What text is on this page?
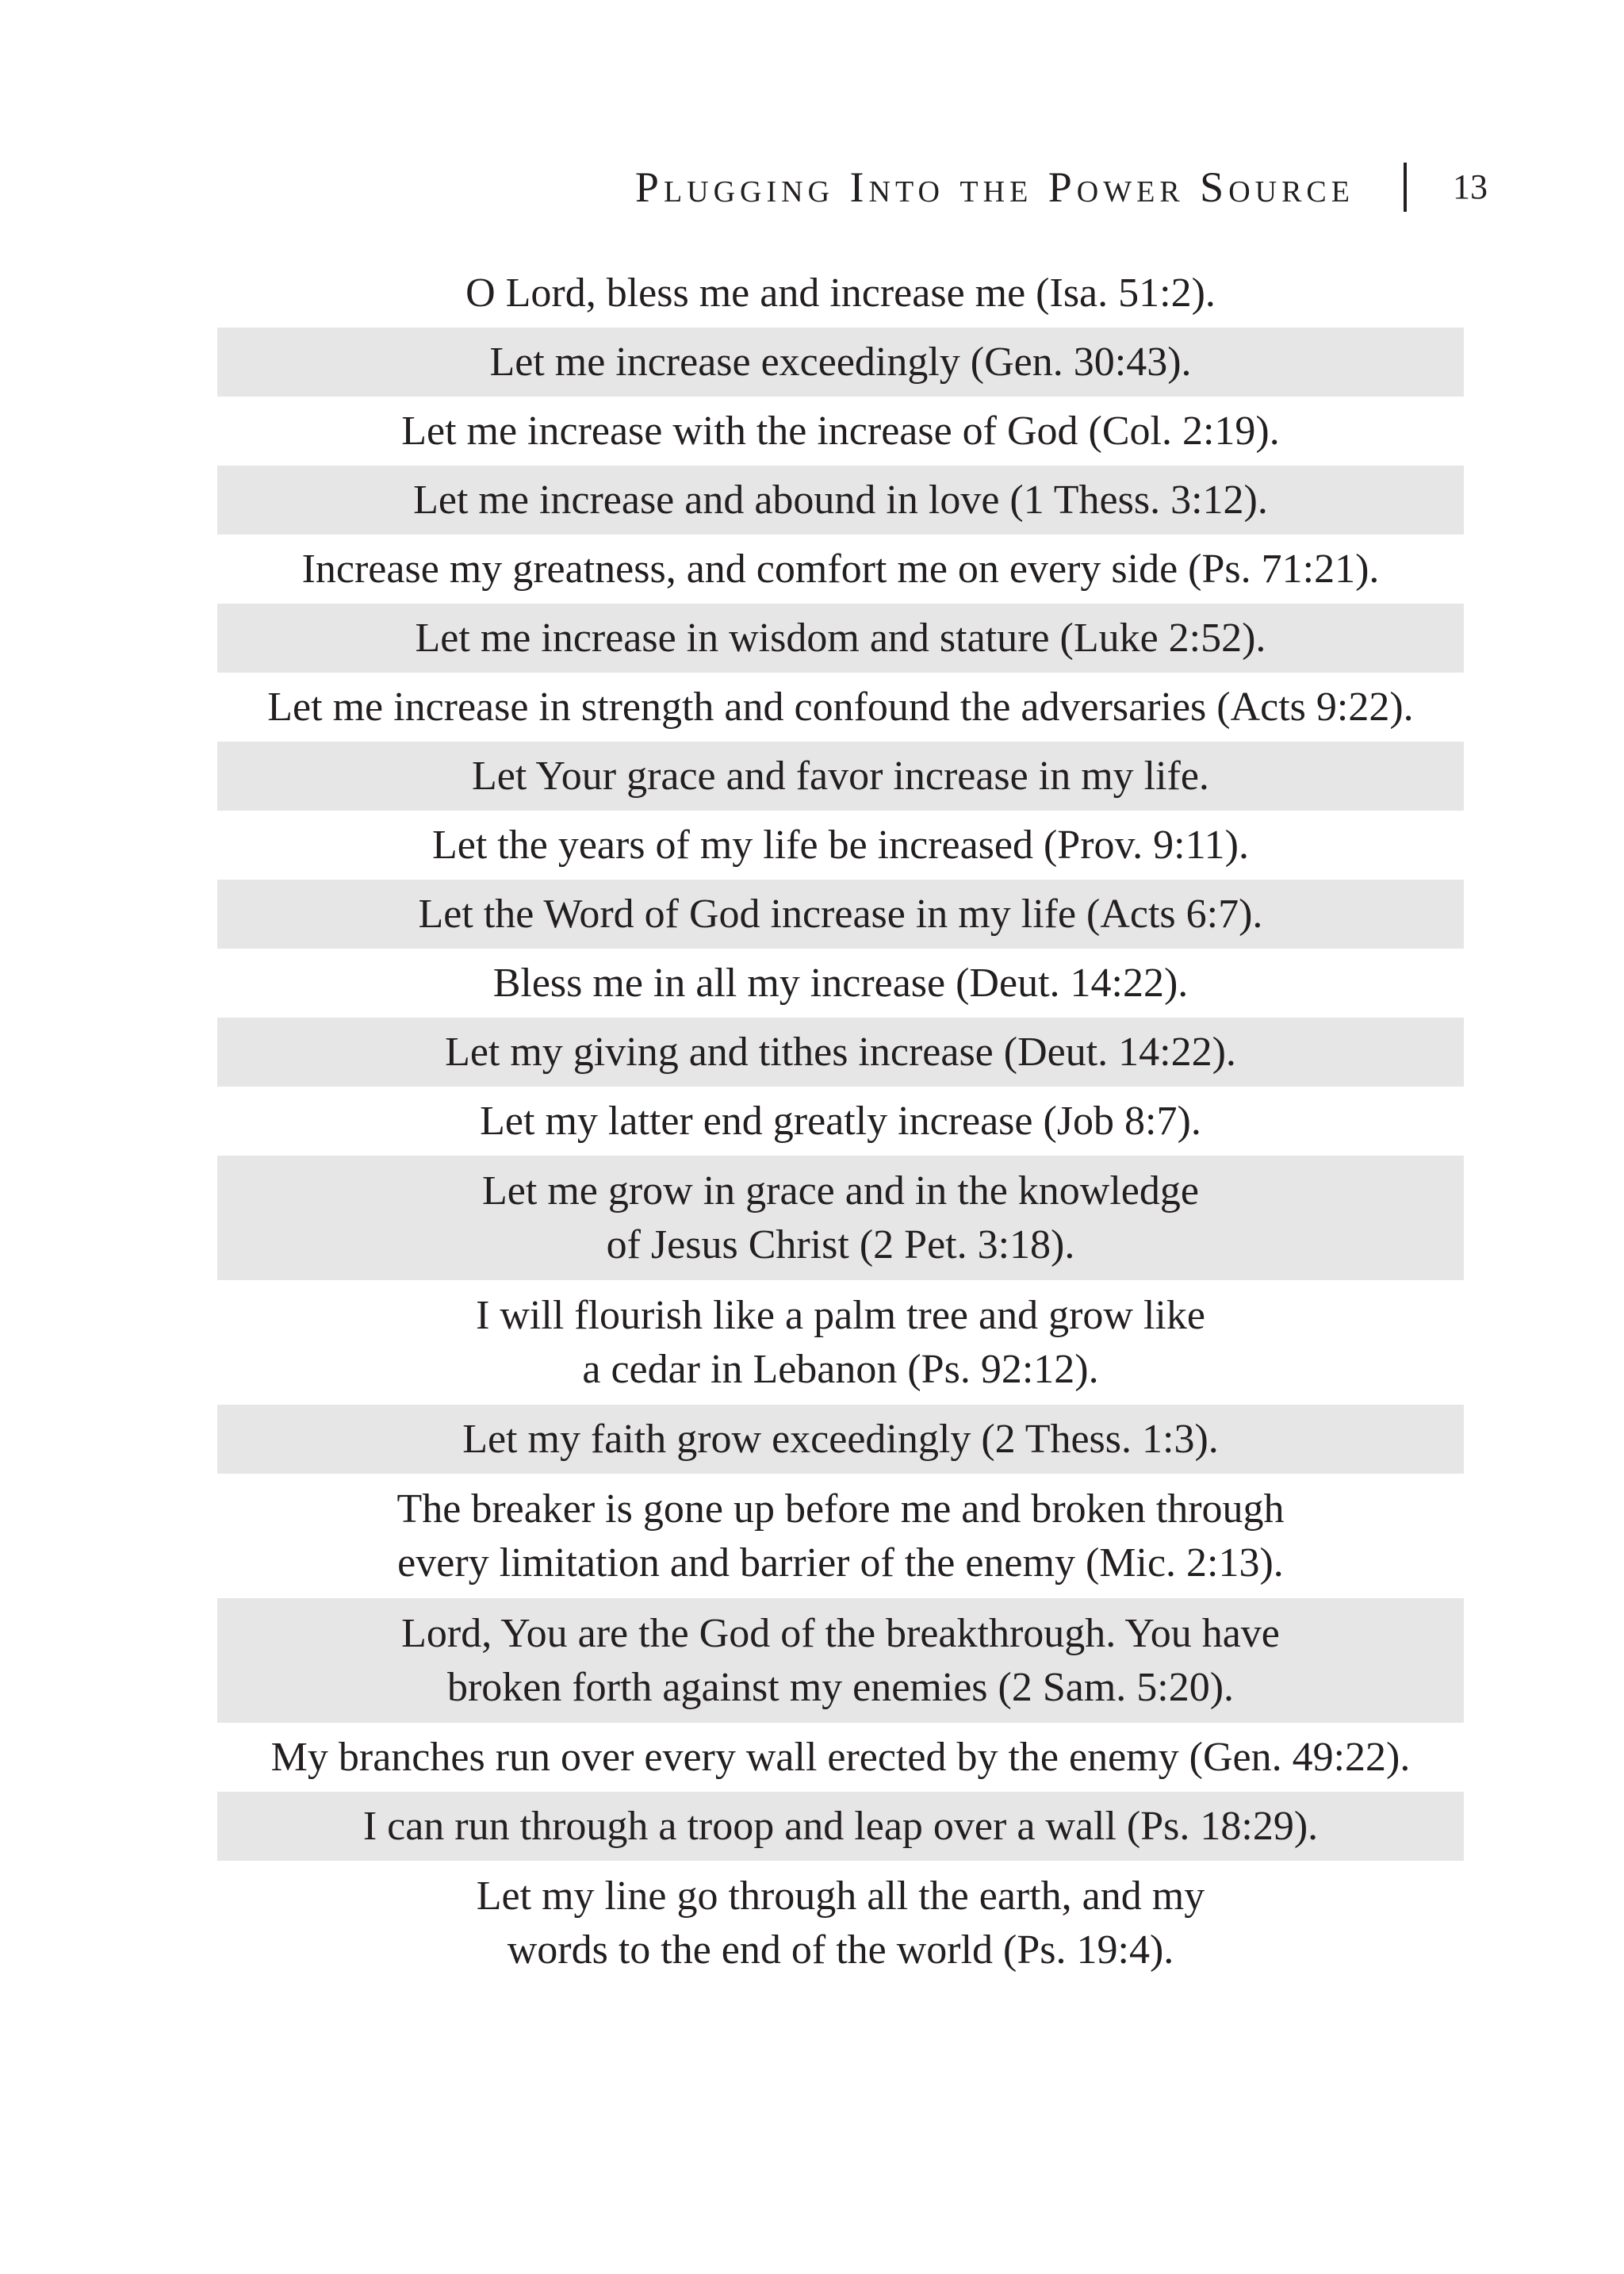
Plugging Into the Power Source	13
O Lord, bless me and increase me (Isa. 51:2).
Let me increase exceedingly (Gen. 30:43).
Let me increase with the increase of God (Col. 2:19).
Let me increase and abound in love (1 Thess. 3:12).
Increase my greatness, and comfort me on every side (Ps. 71:21).
Let me increase in wisdom and stature (Luke 2:52).
Let me increase in strength and confound the adversaries (Acts 9:22).
Let Your grace and favor increase in my life.
Let the years of my life be increased (Prov. 9:11).
Let the Word of God increase in my life (Acts 6:7).
Bless me in all my increase (Deut. 14:22).
Let my giving and tithes increase (Deut. 14:22).
Let my latter end greatly increase (Job 8:7).
Let me grow in grace and in the knowledge
of Jesus Christ (2 Pet. 3:18).
I will flourish like a palm tree and grow like
a cedar in Lebanon (Ps. 92:12).
Let my faith grow exceedingly (2 Thess. 1:3).
The breaker is gone up before me and broken through
every limitation and barrier of the enemy (Mic. 2:13).
Lord, You are the God of the breakthrough. You have
broken forth against my enemies (2 Sam. 5:20).
My branches run over every wall erected by the enemy (Gen. 49:22).
I can run through a troop and leap over a wall (Ps. 18:29).
Let my line go through all the earth, and my
words to the end of the world (Ps. 19:4).
